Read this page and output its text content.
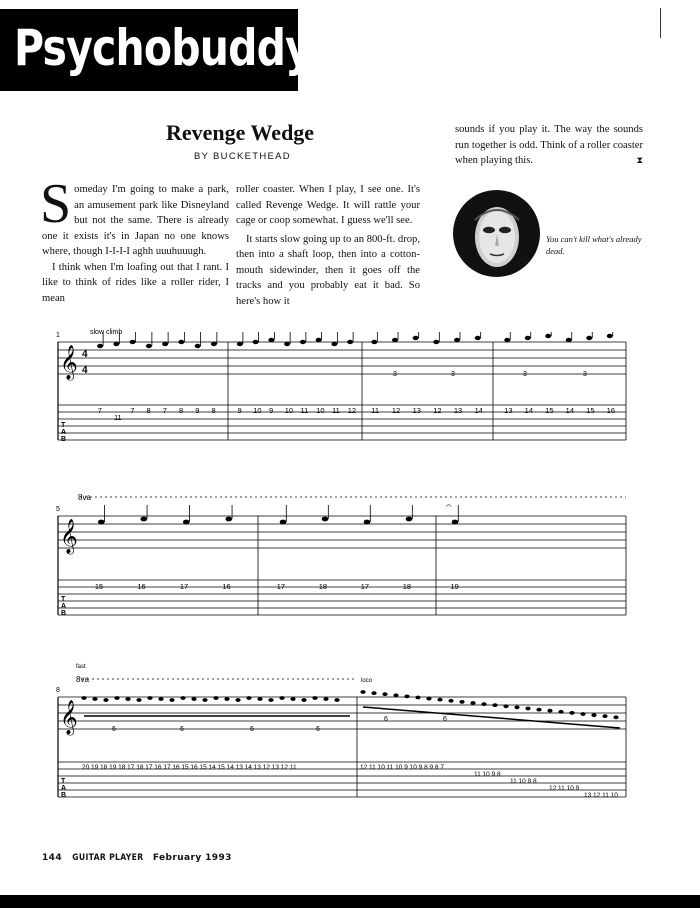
Psychobuddy
Revenge Wedge
BY BUCKETHEAD

Someday I'm going to make a park, an amusement park like Disneyland but not the same. There is already one it exists it's in Japan no one knows where, though I-I-I-I aghh uuuhuuugh.

I think when I'm loafing out that I rant. I like to think of rides like a roller rider, I mean

roller coaster. When I play, I see one. It's called Revenge Wedge. It will rattle your cage or coop somewhat. I guess we'll see.

It starts slow going up to an 800-ft. drop, then into a shaft loop, then into a cotton-mouth sidewinder, then it goes off the tracks and you probably eat it bad. So here's how it

sounds if you play it. The way the sounds run together is odd. Think of a roller coaster when playing this.	⧗

You can't kill what's already dead.
𝄞
𝄞
𝄞
1	slow climb
4
4
T
A
B
3	3	3	3
7
11
7 8 7 8 9 8	9 10 9 10 11 10 11 12 11 12 13 12 13 14	13 14 15 14 15 16
8va
5
T
A
B
𝄐
15	16	17	16	17	18	17	18	19
fast
8va	loco
8
T
A
B
6	6	6	6
6	6
20 19 18 19 18 17 18 17 16 17 16 15 16 15 14 15 14 13 14 13 12 13 12 11	12 11 10 11 10 9 10 9 8 9 8 7
11 10 9 8
11 10 9 8
12 11 10 9
13 12 11 10
144 GUITAR PLAYER February 1993
